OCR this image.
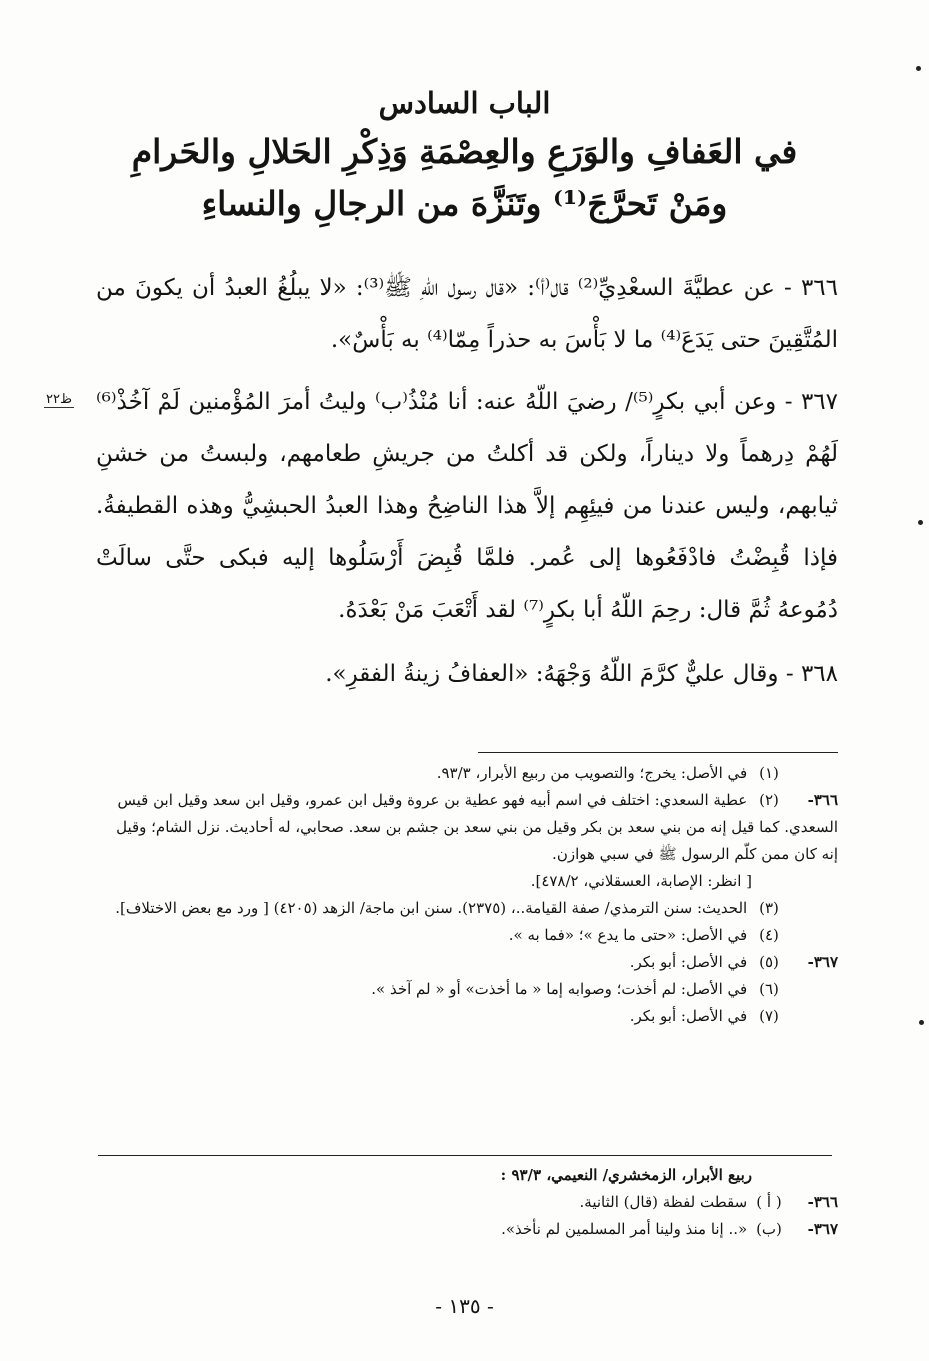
الباب السادس
في العَفافِ والوَرَعِ والعِصْمَةِ وَذِكْرِ الحَلالِ والحَرامِ
ومَنْ تَحرَّجَ⁽¹⁾ وتَنَزَّهَ من الرجالِ والنساءِ
٣٦٦ - عن عطيَّةَ السعْدِيِّ⁽²⁾ قال⁽أ⁾: «قال رسول اللّهِ ﷺ⁽³⁾: «لا يبلُغُ العبدُ أن يكونَ من المُتَّقِينَ حتى يَدَعَ⁽⁴⁾ ما لا بَأْسَ به حذراً مِمّا⁽⁴⁾ به بَأْسٌ».
٣٦٧ - وعن أبي بكرٍ⁽⁵⁾/ رضيَ اللّهُ عنه: أنا مُنْذُ⁽ب⁾ وليتُ أمرَ المُؤْمنين لَمْ آخُذْ⁽⁶⁾ لَهُمْ دِرهماً ولا ديناراً، ولكن قد أكلتُ من جريشِ طعامهم، ولبستُ من خشنِ ثيابهم، وليس عندنا من فيئِهِم إلاَّ هذا الناضِحُ وهذا العبدُ الحبشِيُّ وهذه القطيفةُ. فإذا قُبِضْتُ فادْفَعُوها إلى عُمر. فلمَّا قُبِضَ أَرْسَلُوها إليه فبكى حتَّى سالَتْ دُمُوعهُ ثُمَّ قال: رحِمَ اللّهُ أبا بكرٍ⁽⁷⁾ لقد أَتْعَبَ مَنْ بَعْدَهُ.
ظ٢٢
٣٦٨ - وقال عليٌّ كرَّمَ اللّهُ وَجْهَهُ: «العفافُ زينةُ الفقرِ».
(١) في الأصل: يخرج؛ والتصويب من ربيع الأبرار، ٩٣/٣.
٣٦٦-(٢) عطية السعدي: اختلف في اسم أبيه فهو عطية بن عروة وقيل ابن عمرو، وقيل ابن سعد وقيل ابن قيس السعدي. كما قيل إنه من بني سعد بن بكر وقيل من بني سعد بن جشم بن سعد. صحابي، له أحاديث. نزل الشام؛ وقيل إنه كان ممن كلّم الرسول ﷺ في سبي هوازن.
[ انظر: الإصابة، العسقلاني، ٤٧٨/٢].
(٣) الحديث: سنن الترمذي/ صفة القيامة..، (٢٣٧٥). سنن ابن ماجة/ الزهد (٤٢٠٥) [ ورد مع بعض الاختلاف].
(٤) في الأصل: «حتى ما يدع »؛ «فما به ».
٣٦٧-(٥) في الأصل: أبو بكر.
(٦) في الأصل: لم أخذت؛ وصوابه إما « ما أخذت» أو « لم آخذ ».
(٧) في الأصل: أبو بكر.
ربيع الأبرار، الزمخشري/ النعيمي، ٩٣/٣ :
٣٦٦-( أ ) سقطت لفظة (قال) الثانية.
٣٦٧-(ب) «.. إنا منذ ولينا أمر المسلمين لم نأخذ».
- ١٣٥ -
